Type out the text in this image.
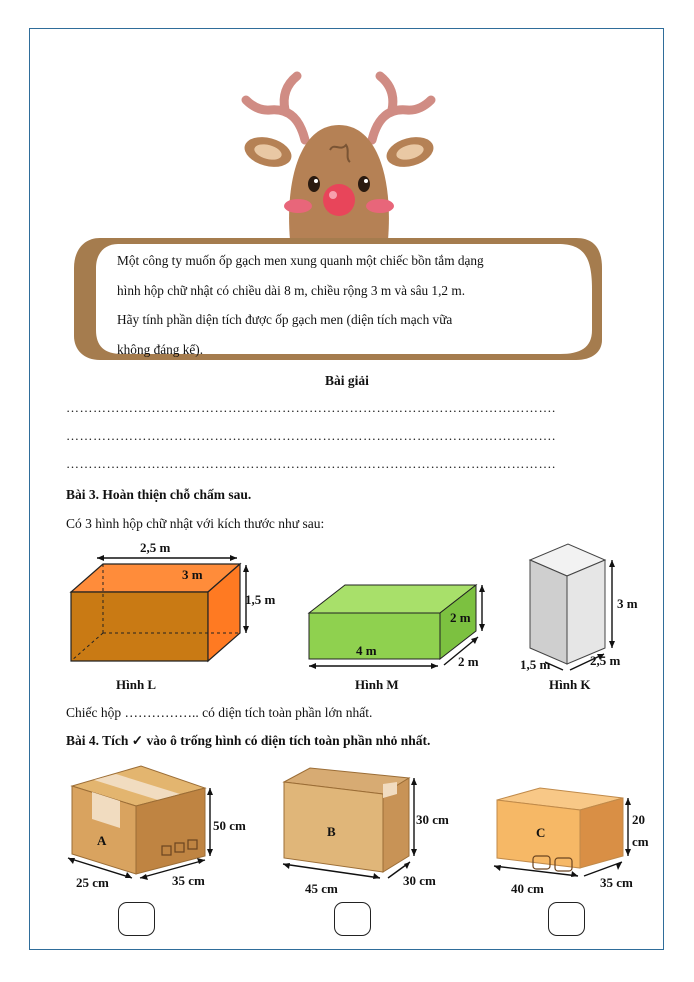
Một công ty muốn ốp gạch men xung quanh một chiếc bồn tắm dạng
hình hộp chữ nhật có chiều dài 8 m, chiều rộng 3 m và sâu 1,2 m.
Hãy tính phần diện tích được ốp gạch men (diện tích mạch vữa
không đáng kể).
Bài giải
……………………………………………………………………………………………….
……………………………………………………………………………………………….
……………………………………………………………………………………………….
Bài 3. Hoàn thiện chỗ chấm sau.
Có 3 hình hộp chữ nhật với kích thước như sau:
2,5 m
3 m
1,5 m
Hình L
2 m
4 m
2 m
Hình M
3 m
1,5 m	2,5 m
Hình K
Chiếc hộp …………….. có diện tích toàn phần lớn nhất.
Bài 4. Tích ✓ vào ô trống hình có diện tích toàn phần nhỏ nhất.
A
50 cm
25 cm	35 cm
B
30 cm
45 cm
30 cm
C
20
cm
40 cm	35 cm
